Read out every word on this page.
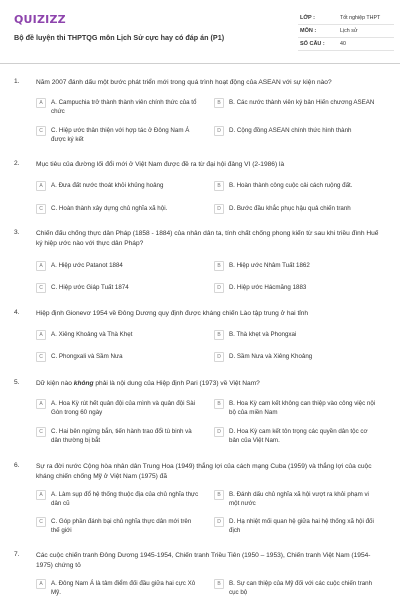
QUIZIZZ
Bộ đề luyện thi THPTQG môn Lịch Sử cực hay có đáp án (P1)
LỚP :	Tốt nghiệp THPT
MÔN :	Lịch sử
SỐ CÂU :	40
1.	Năm 2007 đánh dấu một bước phát triển mới trong quá trình hoạt động của ASEAN với sự kiện nào?
A	A. Campuchia trở thành thành viên chính thức của tổ chức
B	B. Các nước thành viên ký bản Hiến chương ASEAN
C	C. Hiệp ước thân thiện với hợp tác ở Đông Nam Á được ký kết
D	D. Cộng đồng ASEAN chính thức hình thành
2.	Mục tiêu của đường lối đổi mới ở Việt Nam được đề ra từ đại hội đảng VI (2-1986) là
A	A. Đưa đất nước thoát khỏi khủng hoảng	B	B. Hoàn thành công cuộc cải cách ruộng đất.
C	C. Hoàn thành xây dựng chủ nghĩa xã hội.	D	D. Bước đầu khắc phục hậu quả chiến tranh
3.	Chiến đấu chống thực dân Pháp (1858 - 1884) của nhân dân ta, tính chất chống phong kiến từ sau khi triều đình Huế ký hiệp ước nào với thực dân Pháp?
A	A. Hiệp ước Patanot 1884	B	B. Hiệp ước Nhâm Tuất 1862
C	C. Hiệp ước Giáp Tuất 1874	D	D. Hiệp ước Hácmăng 1883
4.	Hiệp định Gionevơ 1954 về Đông Dương quy định được kháng chiến Lào tập trung ở hai tỉnh
A	A. Xiêng Khoảng và Thà Khẹt	B	B. Thà khẹt và Phongxai
C	C. Phongxali và Sầm Nưa	D	D. Sầm Nưa và Xiêng Khoảng
5.	Dữ kiện nào không phải là nội dung của Hiệp định Pari (1973) về Việt Nam?
A	A. Hoa Kỳ rút hết quân đội của mình và quân đội Sài Gòn trong 60 ngày
B	B. Hoa Kỳ cam kết không can thiệp vào công việc nội bộ của miền Nam
C	C. Hai bên ngừng bắn, tiến hành trao đổi tù binh và dân thường bị bắt
D	D. Hoa Kỳ cam kết tôn trọng các quyền dân tộc cơ bản của Việt Nam.
6.	Sự ra đời nước Cộng hòa nhân dân Trung Hoa (1949) thắng lợi của cách mạng Cuba (1959) và thắng lợi của cuộc kháng chiến chống Mỹ ở Việt Nam (1975) đã
A	A. Làm sụp đổ hệ thống thuộc địa của chủ nghĩa thực dân cũ
B	B. Đánh dấu chủ nghĩa xã hội vượt ra khỏi phạm vi một nước
C	C. Góp phần đánh bại chủ nghĩa thực dân mới trên thế giới
D	D. Hạ nhiệt mối quan hệ giữa hai hệ thống xã hội đối địch
7.	Các cuộc chiến tranh Đông Dương 1945-1954, Chiến tranh Triều Tiên (1950 – 1953), Chiến tranh Việt Nam (1954- 1975) chứng tỏ
A	A. Đông Nam Á là tâm điểm đối đầu giữa hai cực Xô Mỹ.
B	B. Sự can thiệp của Mỹ đối với các cuộc chiến tranh cục bộ
